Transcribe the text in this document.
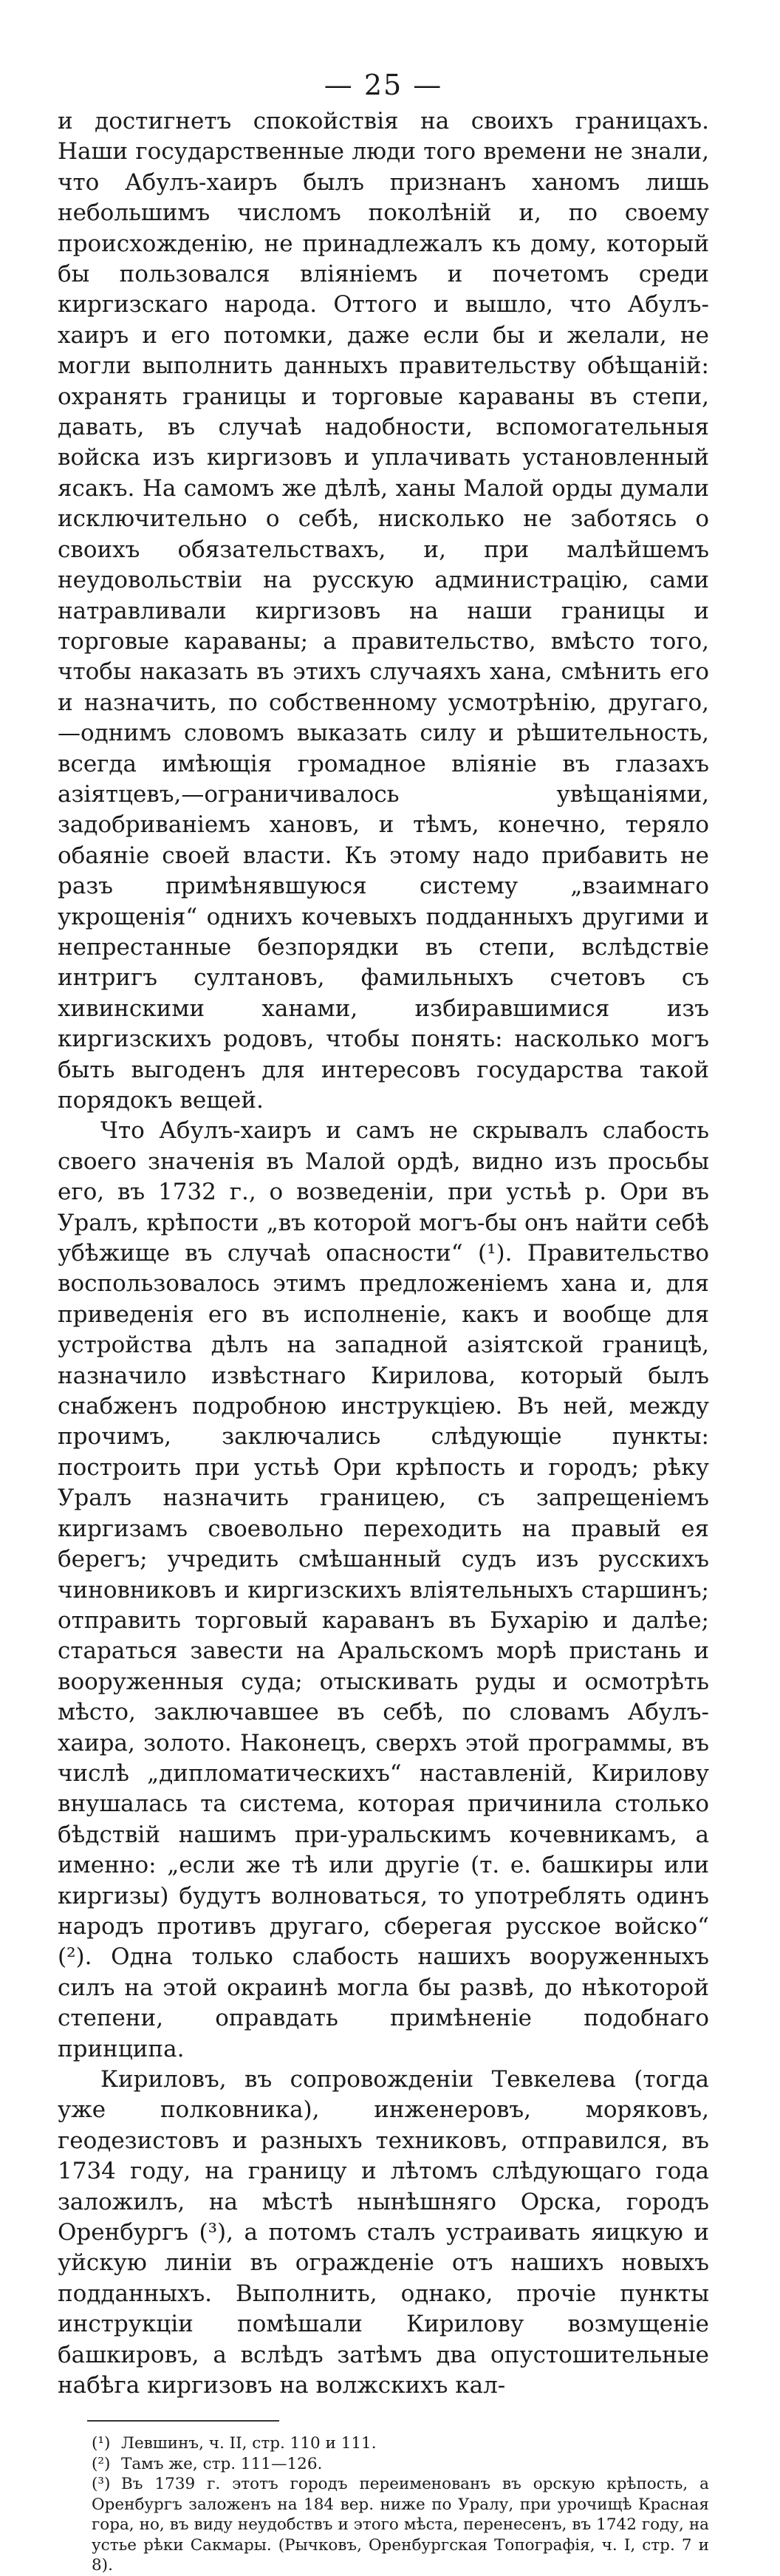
— 25 —

и достигнетъ спокойствія на своихъ границахъ. Наши государственные люди того времени не знали, что Абулъ-хаиръ былъ признанъ ханомъ лишь небольшимъ числомъ поколѣній и, по своему происхожденію, не принадлежалъ къ дому, который бы пользовался вліяніемъ и почетомъ среди киргизскаго народа. Оттого и вышло, что Абулъ-хаиръ и его потомки, даже если бы и желали, не могли выполнить данныхъ правительству обѣщаній: охранять границы и торговые караваны въ степи, давать, въ случаѣ надобности, вспомогательныя войска изъ киргизовъ и уплачивать установленный ясакъ. На самомъ же дѣлѣ, ханы Малой орды думали исключительно о себѣ, нисколько не заботясь о своихъ обязательствахъ, и, при малѣйшемъ неудовольствіи на русскую администрацію, сами натравливали киргизовъ на наши границы и торговые караваны; а правительство, вмѣсто того, чтобы наказать въ этихъ случаяхъ хана, смѣнить его и назначить, по собственному усмотрѣнію, другаго,—однимъ словомъ выказать силу и рѣшительность, всегда имѣющія громадное вліяніе въ глазахъ азіятцевъ,—ограничивалось увѣщаніями, задобриваніемъ хановъ, и тѣмъ, конечно, теряло обаяніе своей власти. Къ этому надо прибавить не разъ примѣнявшуюся систему „взаимнаго укрощенія“ однихъ кочевыхъ подданныхъ другими и непрестанные безпорядки въ степи, вслѣдствіе интригъ султановъ, фамильныхъ счетовъ съ хивинскими ханами, избиравшимися изъ киргизскихъ родовъ, чтобы понять: насколько могъ быть выгоденъ для интересовъ государства такой порядокъ вещей.

Что Абулъ-хаиръ и самъ не скрывалъ слабость своего значенія въ Малой ордѣ, видно изъ просьбы его, въ 1732 г., о возведеніи, при устьѣ р. Ори въ Уралъ, крѣпости „въ которой могъ-бы онъ найти себѣ убѣжище въ случаѣ опасности“ (¹). Правительство воспользовалось этимъ предложеніемъ хана и, для приведенія его въ исполненіе, какъ и вообще для устройства дѣлъ на западной азіятской границѣ, назначило извѣстнаго Кирилова, который былъ снабженъ подробною инструкціею. Въ ней, между прочимъ, заключались слѣдующіе пункты: построить при устьѣ Ори крѣпость и городъ; рѣку Уралъ назначить границею, съ запрещеніемъ киргизамъ своевольно переходить на правый ея берегъ; учредить смѣшанный судъ изъ русскихъ чиновниковъ и киргизскихъ вліятельныхъ старшинъ; отправить торговый караванъ въ Бухарію и далѣе; стараться завести на Аральскомъ морѣ пристань и вооруженныя суда; отыскивать руды и осмотрѣть мѣсто, заключавшее въ себѣ, по словамъ Абулъ-хаира, золото. Наконецъ, сверхъ этой программы, въ числѣ „дипломатическихъ“ наставленій, Кирилову внушалась та система, которая причинила столько бѣдствій нашимъ при-уральскимъ кочевникамъ, а именно: „если же тѣ или другіе (т. е. башкиры или киргизы) будутъ волноваться, то употреблять одинъ народъ противъ другаго, сберегая русское войско“ (²). Одна только слабость нашихъ вооруженныхъ силъ на этой окраинѣ могла бы развѣ, до нѣкоторой степени, оправдать примѣненіе подобнаго принципа.

Кириловъ, въ сопровожденіи Тевкелева (тогда уже полковника), инженеровъ, моряковъ, геодезистовъ и разныхъ техниковъ, отправился, въ 1734 году, на границу и лѣтомъ слѣдующаго года заложилъ, на мѣстѣ нынѣшняго Орска, городъ Оренбургъ (³), а потомъ сталъ устраивать яицкую и уйскую линіи въ огражденіе отъ нашихъ новыхъ подданныхъ. Выполнить, однако, прочіе пункты инструкціи помѣшали Кирилову возмущеніе башкировъ, а вслѣдъ затѣмъ два опустошительные набѣга киргизовъ на волжскихъ кал-

(¹) Левшинъ, ч. II, стр. 110 и 111.

(²) Тамъ же, стр. 111—126.

(³) Въ 1739 г. этотъ городъ переименованъ въ орскую крѣпость, а Оренбургъ заложенъ на 184 вер. ниже по Уралу, при урочищѣ Красная гора, но, въ виду неудобствъ и этого мѣста, перенесенъ, въ 1742 году, на устье рѣки Сакмары. (Рычковъ, Оренбургская Топографія, ч. I, стр. 7 и 8).
